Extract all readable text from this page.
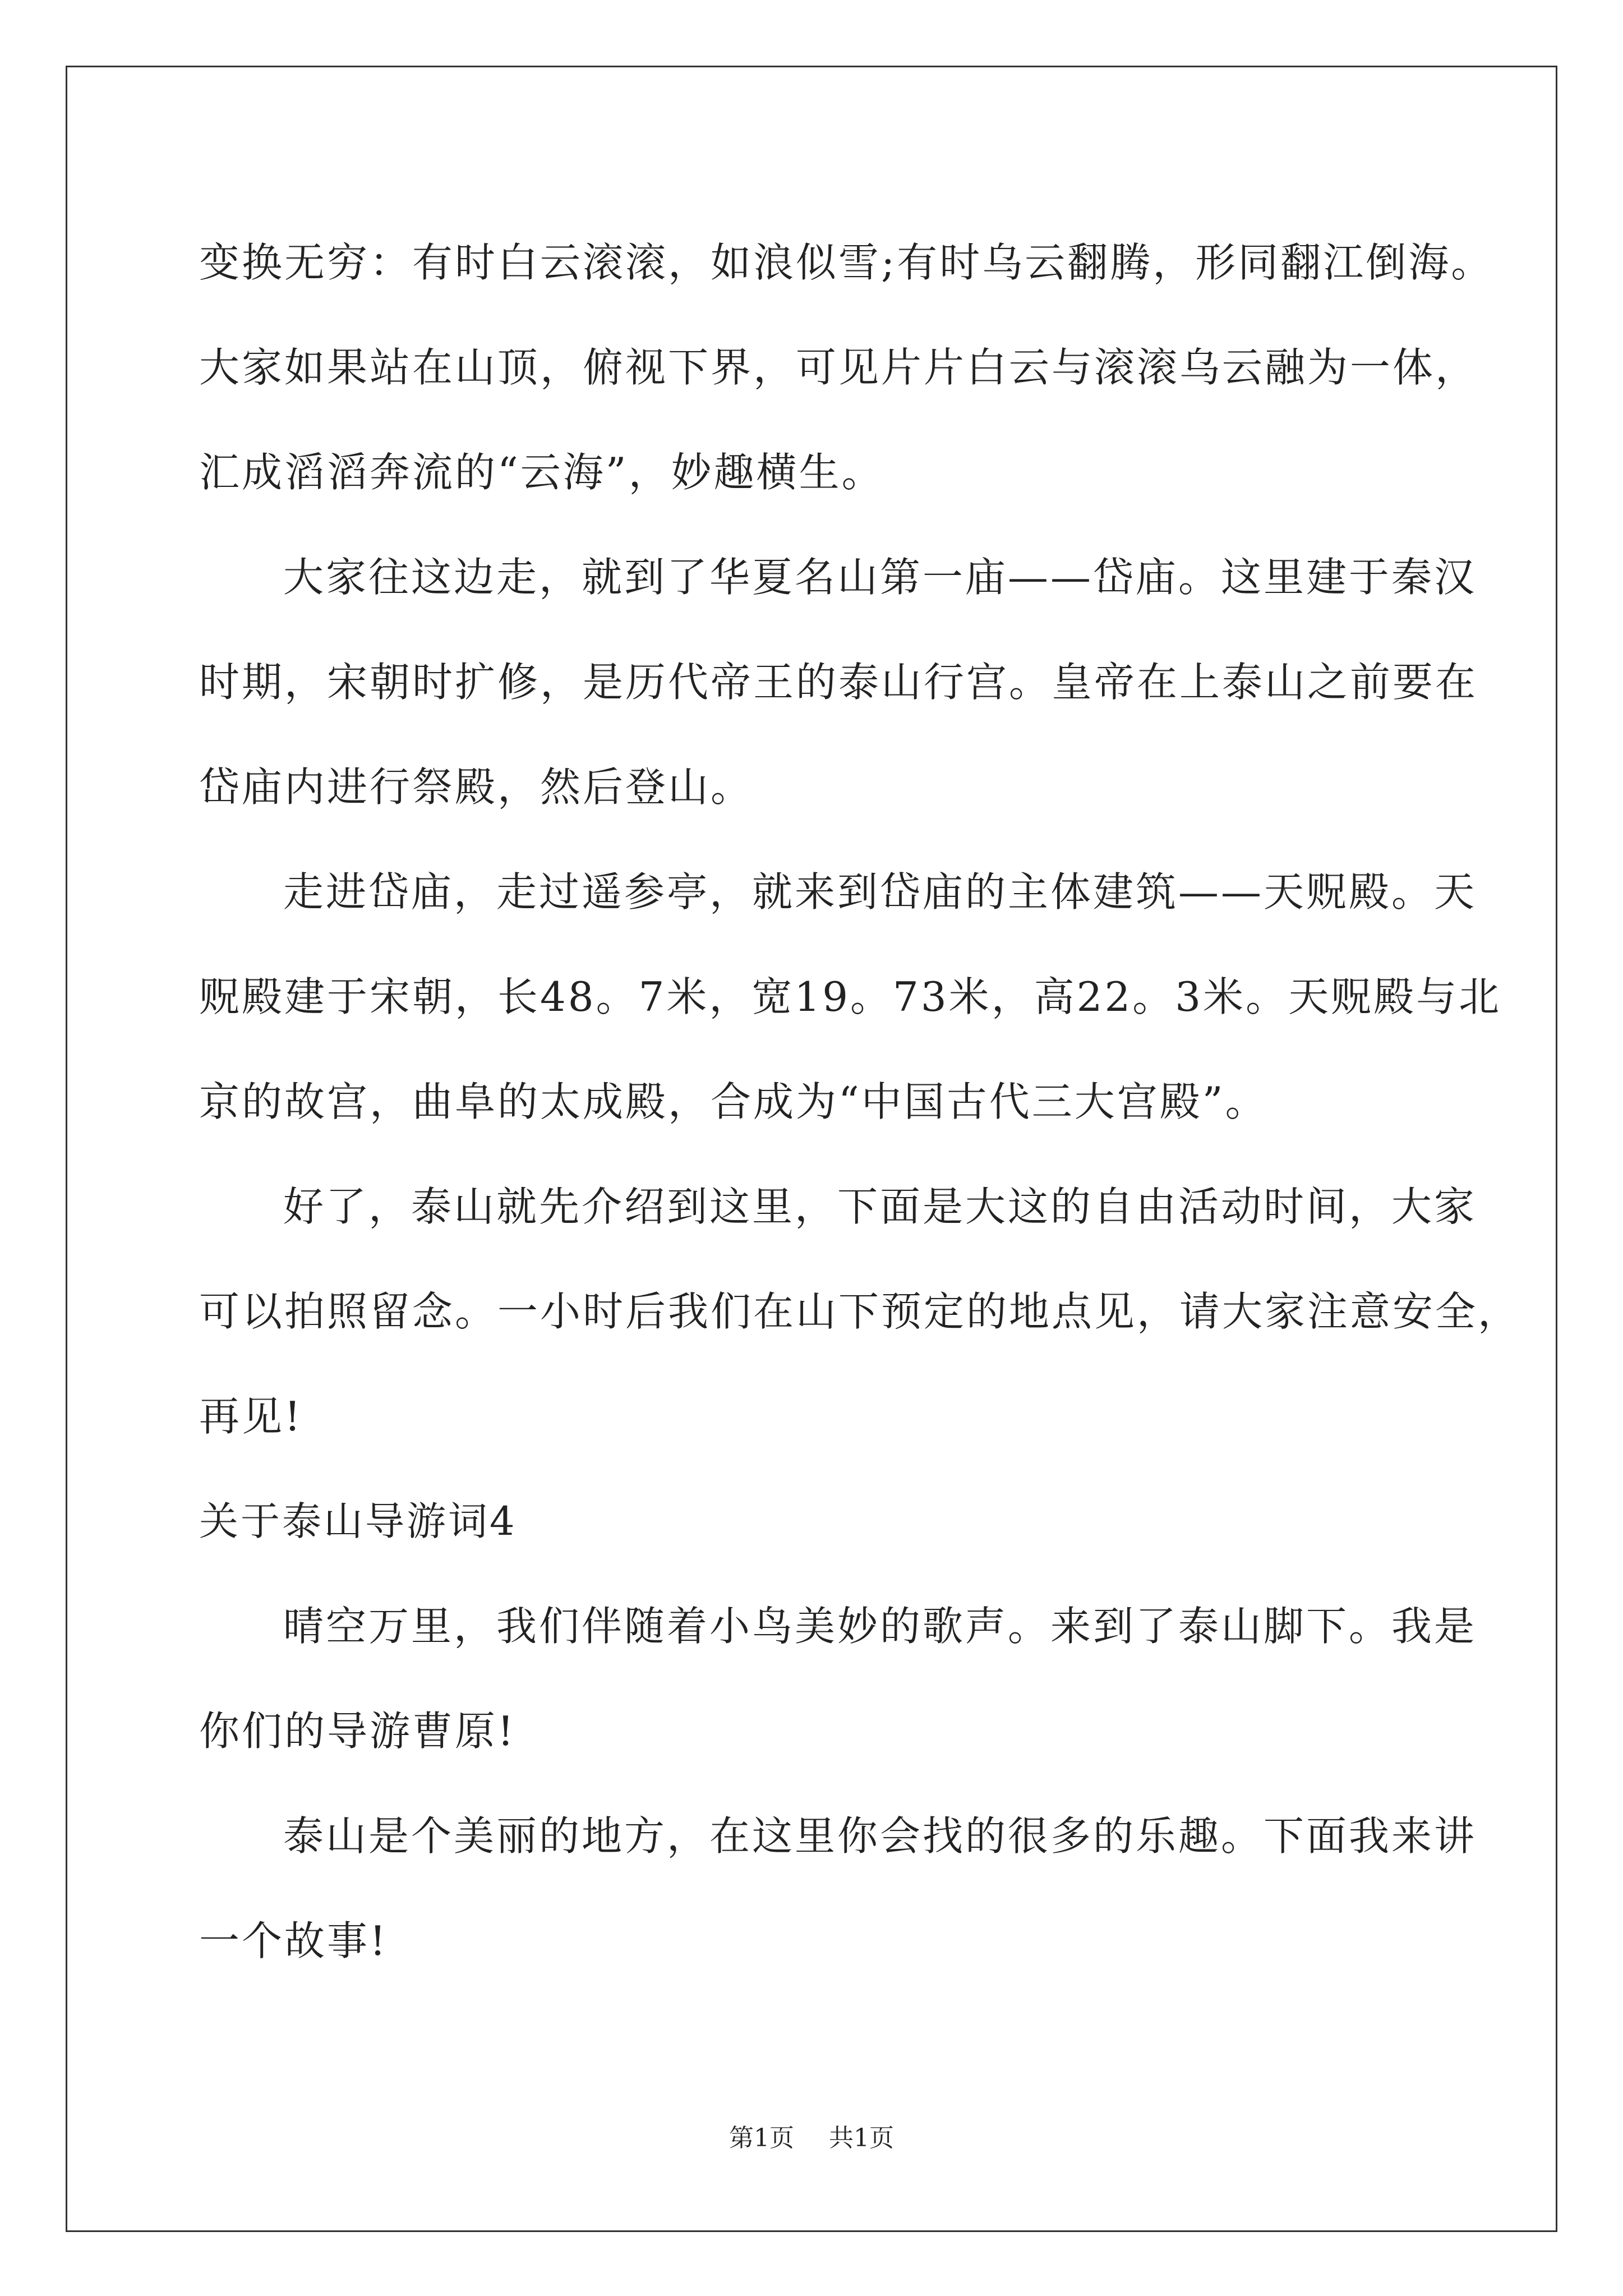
变换无穷：有时白云滚滚，如浪似雪;有时乌云翻腾，形同翻江倒海。

大家如果站在山顶，俯视下界，可见片片白云与滚滚乌云融为一体，

汇成滔滔奔流的“云海”，妙趣横生。

大家往这边走，就到了华夏名山第一庙——岱庙。这里建于秦汉

时期，宋朝时扩修，是历代帝王的泰山行宫。皇帝在上泰山之前要在

岱庙内进行祭殿，然后登山。

走进岱庙，走过遥参亭，就来到岱庙的主体建筑——天贶殿。天

贶殿建于宋朝，长48。7米，宽19。73米，高22。3米。天贶殿与北

京的故宫，曲阜的太成殿，合成为“中国古代三大宫殿”。

好了，泰山就先介绍到这里，下面是大这的自由活动时间，大家

可以拍照留念。一小时后我们在山下预定的地点见，请大家注意安全，

再见!

关于泰山导游词4

晴空万里，我们伴随着小鸟美妙的歌声。来到了泰山脚下。我是

你们的导游曹原!

泰山是个美丽的地方，在这里你会找的很多的乐趣。下面我来讲

一个故事!

第1页 共1页
